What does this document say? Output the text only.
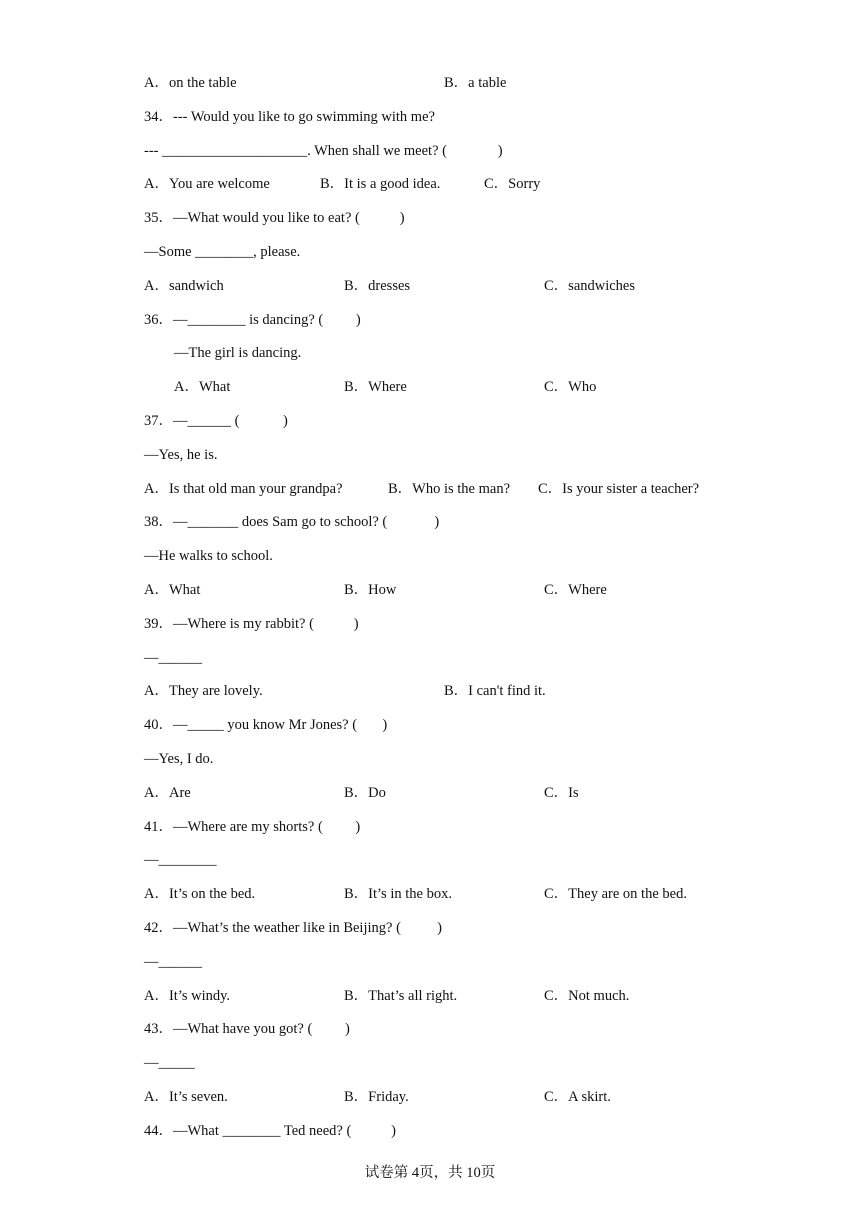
A．on the table	B．a table
34．--- Would you like to go swimming with me?
--- ____________________. When shall we meet? (              )
A．You are welcome	B．It is a good idea.	C．Sorry
35．—What would you like to eat? (           )
—Some ________, please.
A．sandwich	B．dresses	C．sandwiches
36．—________ is dancing? (         )
—The girl is dancing.
A．What	B．Where	C．Who
37．—______ (            )
—Yes, he is.
A．Is that old man your grandpa?	B．Who is the man? C．Is your sister a teacher?
38．—_______ does Sam go to school? (             )
—He walks to school.
A．What	B．How	C．Where
39．—Where is my rabbit? (           )
—______
A．They are lovely.	B．I can't find it.
40．—_____ you know Mr Jones? (       )
—Yes, I do.
A．Are	B．Do	C．Is
41．—Where are my shorts? (         )
—________
A．It’s on the bed.	B．It’s in the box.	C．They are on the bed.
42．—What’s the weather like in Beijing? (          )
—______
A．It’s windy.	B．That’s all right.	C．Not much.
43．—What have you got? (         )
—_____
A．It’s seven.	B．Friday.	C．A skirt.
44．—What ________ Ted need? (           )
试卷第 4页，共 10页
